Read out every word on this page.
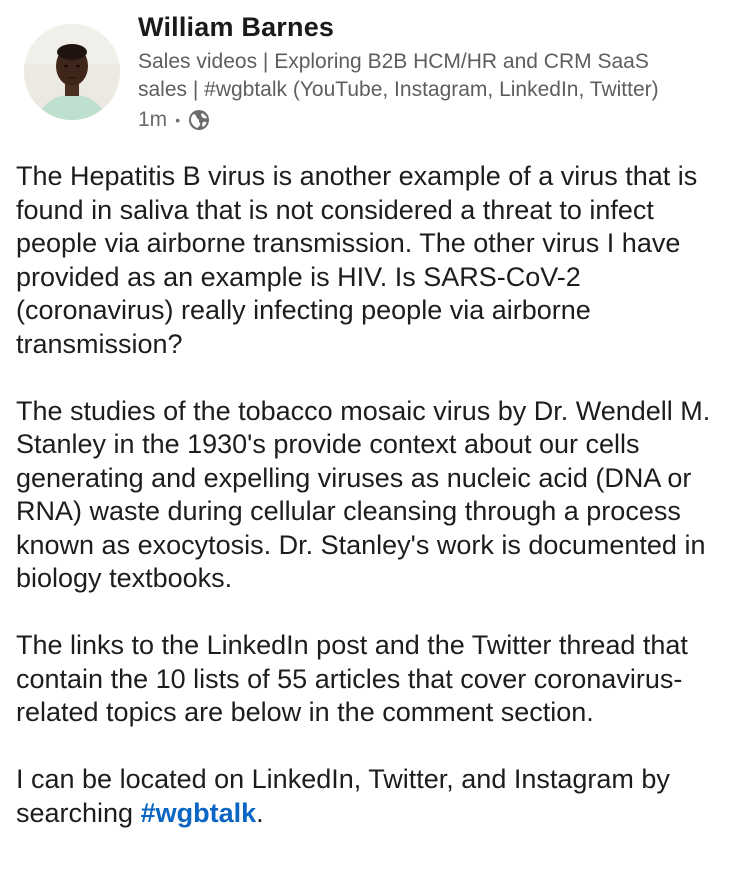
William Barnes
Sales videos | Exploring B2B HCM/HR and CRM SaaS sales | #wgbtalk (YouTube, Instagram, LinkedIn, Twitter)
1m •

The Hepatitis B virus is another example of a virus that is found in saliva that is not considered a threat to infect people via airborne transmission. The other virus I have provided as an example is HIV. Is SARS-CoV-2 (coronavirus) really infecting people via airborne transmission?

The studies of the tobacco mosaic virus by Dr. Wendell M. Stanley in the 1930's provide context about our cells generating and expelling viruses as nucleic acid (DNA or RNA) waste during cellular cleansing through a process known as exocytosis. Dr. Stanley's work is documented in biology textbooks.

The links to the LinkedIn post and the Twitter thread that contain the 10 lists of 55 articles that cover coronavirus-related topics are below in the comment section.

I can be located on LinkedIn, Twitter, and Instagram by searching #wgbtalk.
